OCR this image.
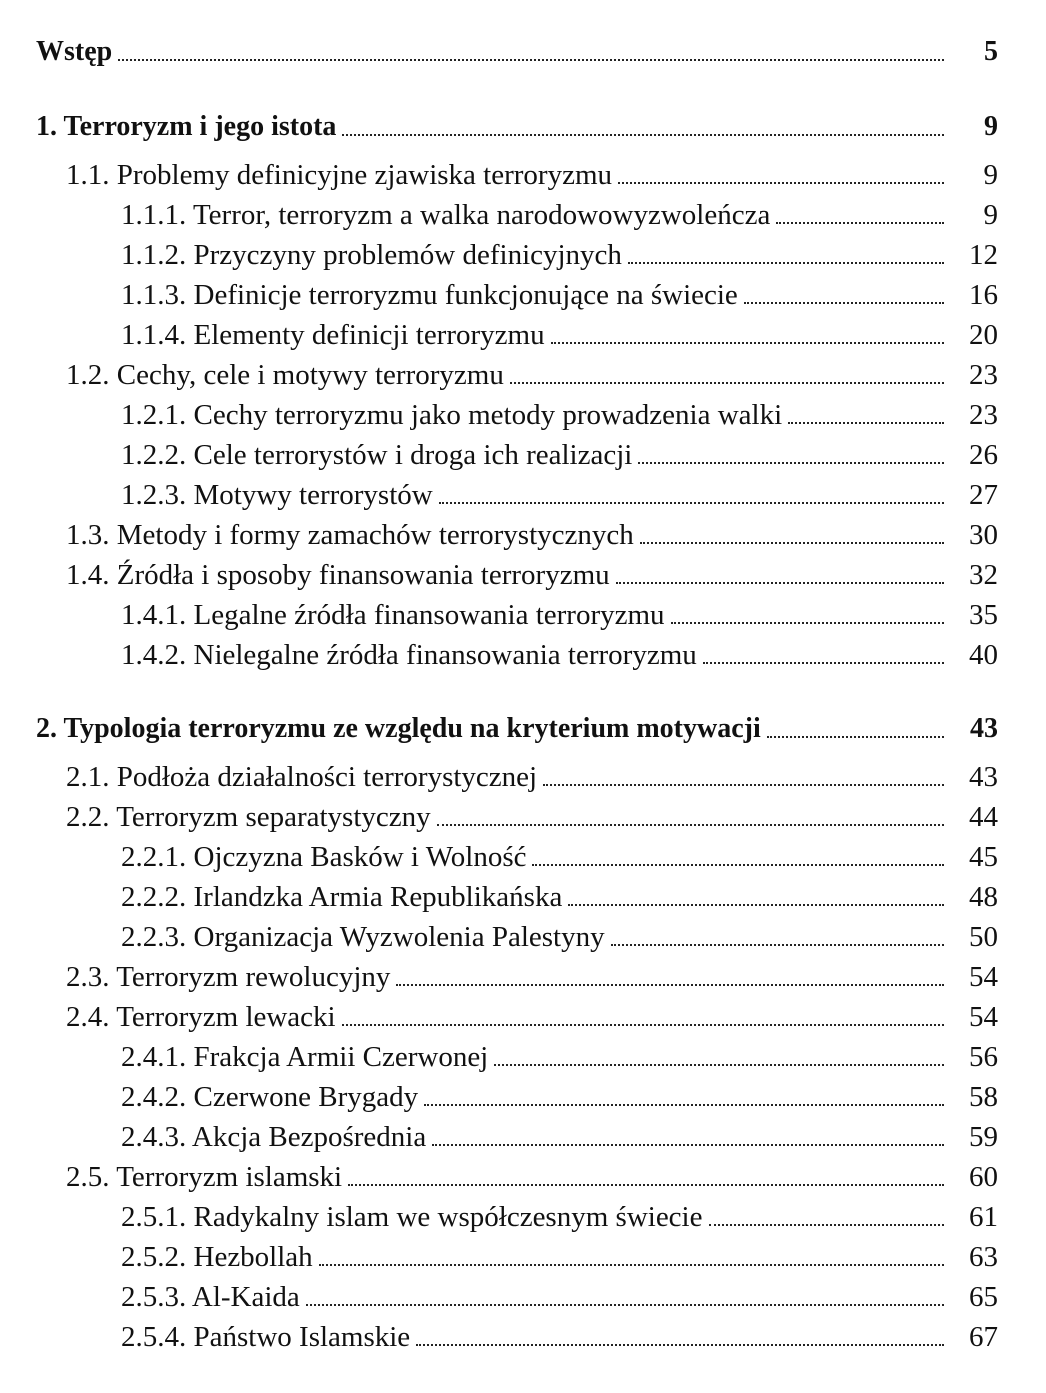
Wstęp	5
1. Terroryzm i jego istota	9
1.1. Problemy definicyjne zjawiska terroryzmu	9
1.1.1. Terror, terroryzm a walka narodowowyzwoleńcza	9
1.1.2. Przyczyny problemów definicyjnych	12
1.1.3. Definicje terroryzmu funkcjonujące na świecie	16
1.1.4. Elementy definicji terroryzmu	20
1.2. Cechy, cele i motywy terroryzmu	23
1.2.1. Cechy terroryzmu jako metody prowadzenia walki	23
1.2.2. Cele terrorystów i droga ich realizacji	26
1.2.3. Motywy terrorystów	27
1.3. Metody i formy zamachów terrorystycznych	30
1.4. Źródła i sposoby finansowania terroryzmu	32
1.4.1. Legalne źródła finansowania terroryzmu	35
1.4.2. Nielegalne źródła finansowania terroryzmu	40
2. Typologia terroryzmu ze względu na kryterium motywacji	43
2.1. Podłoża działalności terrorystycznej	43
2.2. Terroryzm separatystyczny	44
2.2.1. Ojczyzna Basków i Wolność	45
2.2.2. Irlandzka Armia Republikańska	48
2.2.3. Organizacja Wyzwolenia Palestyny	50
2.3. Terroryzm rewolucyjny	54
2.4. Terroryzm lewacki	54
2.4.1. Frakcja Armii Czerwonej	56
2.4.2. Czerwone Brygady	58
2.4.3. Akcja Bezpośrednia	59
2.5. Terroryzm islamski	60
2.5.1. Radykalny islam we współczesnym świecie	61
2.5.2. Hezbollah	63
2.5.3. Al-Kaida	65
2.5.4. Państwo Islamskie	67
